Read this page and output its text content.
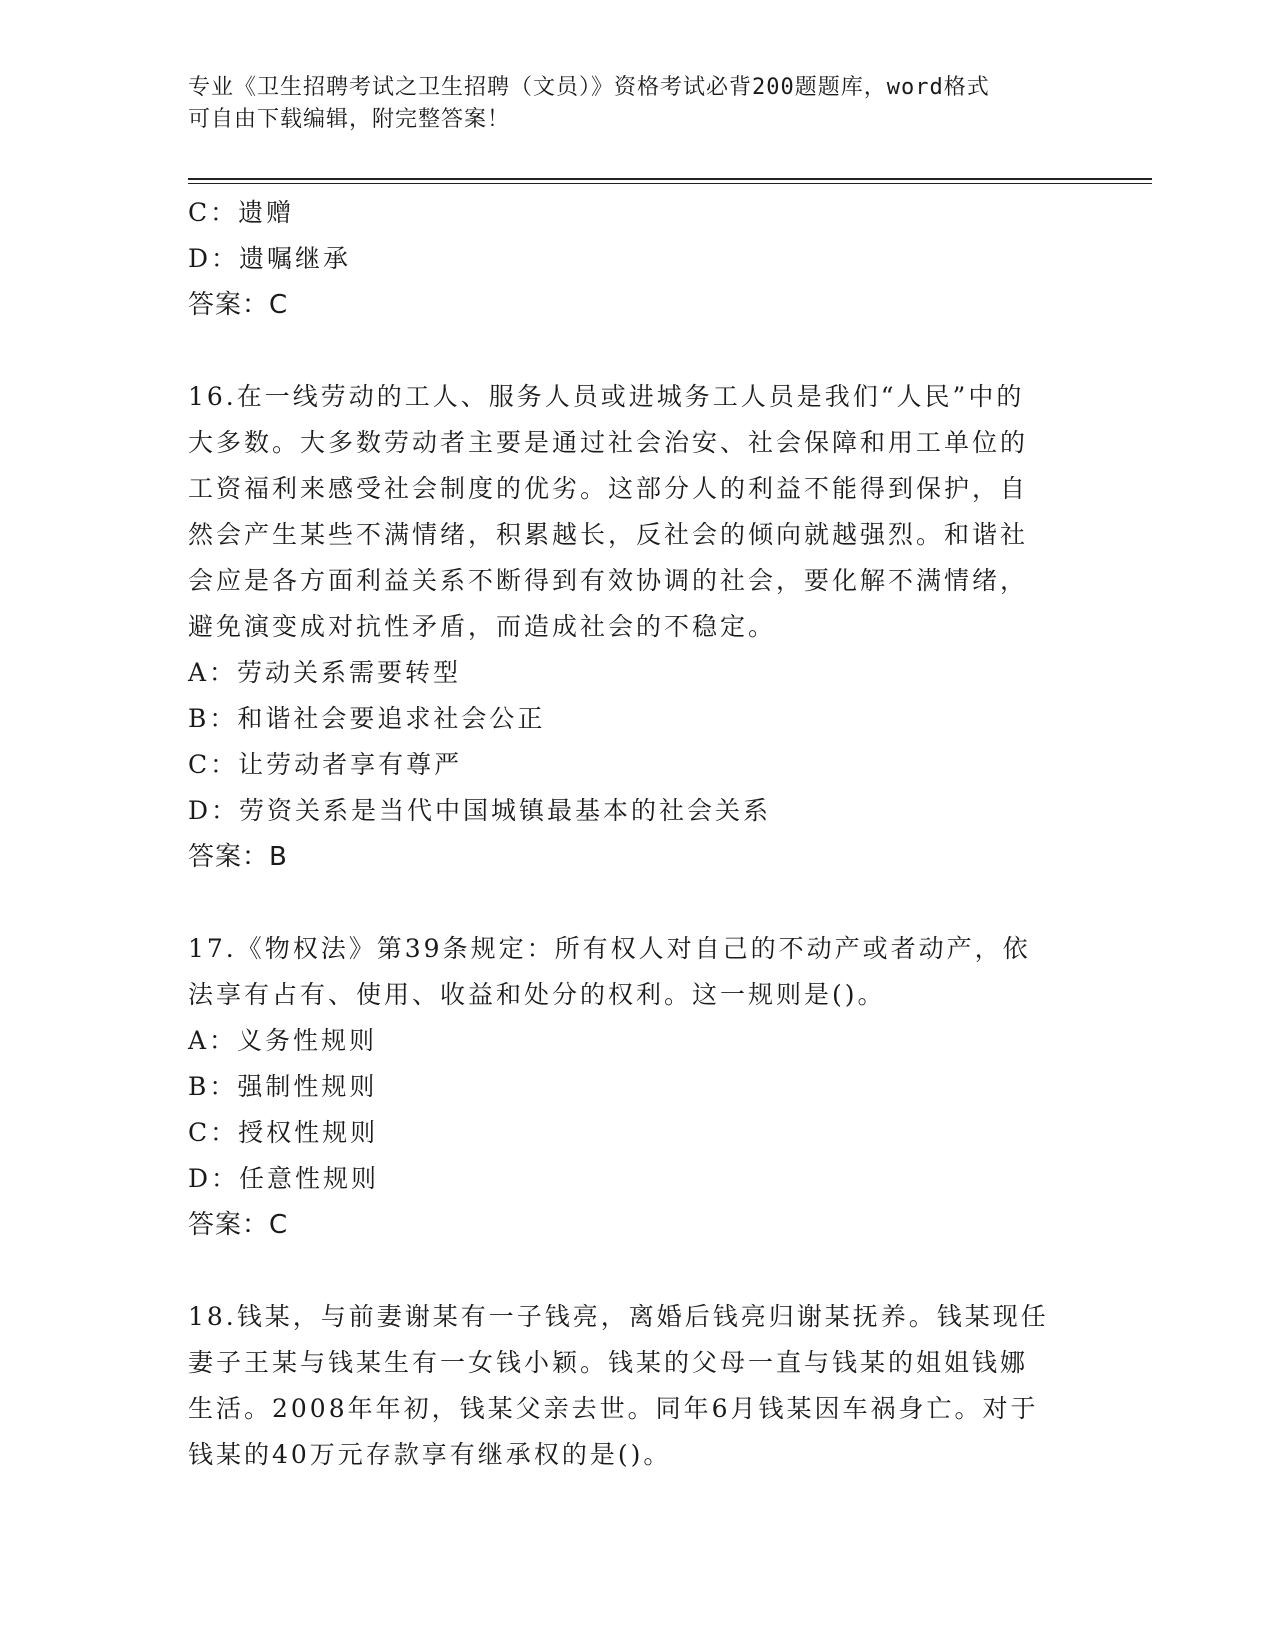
专业《卫生招聘考试之卫生招聘（文员）》资格考试必背200题题库，word格式
可自由下载编辑，附完整答案！
C：遗赠
D：遗嘱继承
答案：C
16.在一线劳动的工人、服务人员或进城务工人员是我们“人民”中的
大多数。大多数劳动者主要是通过社会治安、社会保障和用工单位的
工资福利来感受社会制度的优劣。这部分人的利益不能得到保护，自
然会产生某些不满情绪，积累越长，反社会的倾向就越强烈。和谐社
会应是各方面利益关系不断得到有效协调的社会，要化解不满情绪，
避免演变成对抗性矛盾，而造成社会的不稳定。
A：劳动关系需要转型
B：和谐社会要追求社会公正
C：让劳动者享有尊严
D：劳资关系是当代中国城镇最基本的社会关系
答案：B
17.《物权法》第39条规定：所有权人对自己的不动产或者动产，依
法享有占有、使用、收益和处分的权利。这一规则是()。
A：义务性规则
B：强制性规则
C：授权性规则
D：任意性规则
答案：C
18.钱某，与前妻谢某有一子钱亮，离婚后钱亮归谢某抚养。钱某现任
妻子王某与钱某生有一女钱小颖。钱某的父母一直与钱某的姐姐钱娜
生活。2008年年初，钱某父亲去世。同年6月钱某因车祸身亡。对于
钱某的40万元存款享有继承权的是()。
